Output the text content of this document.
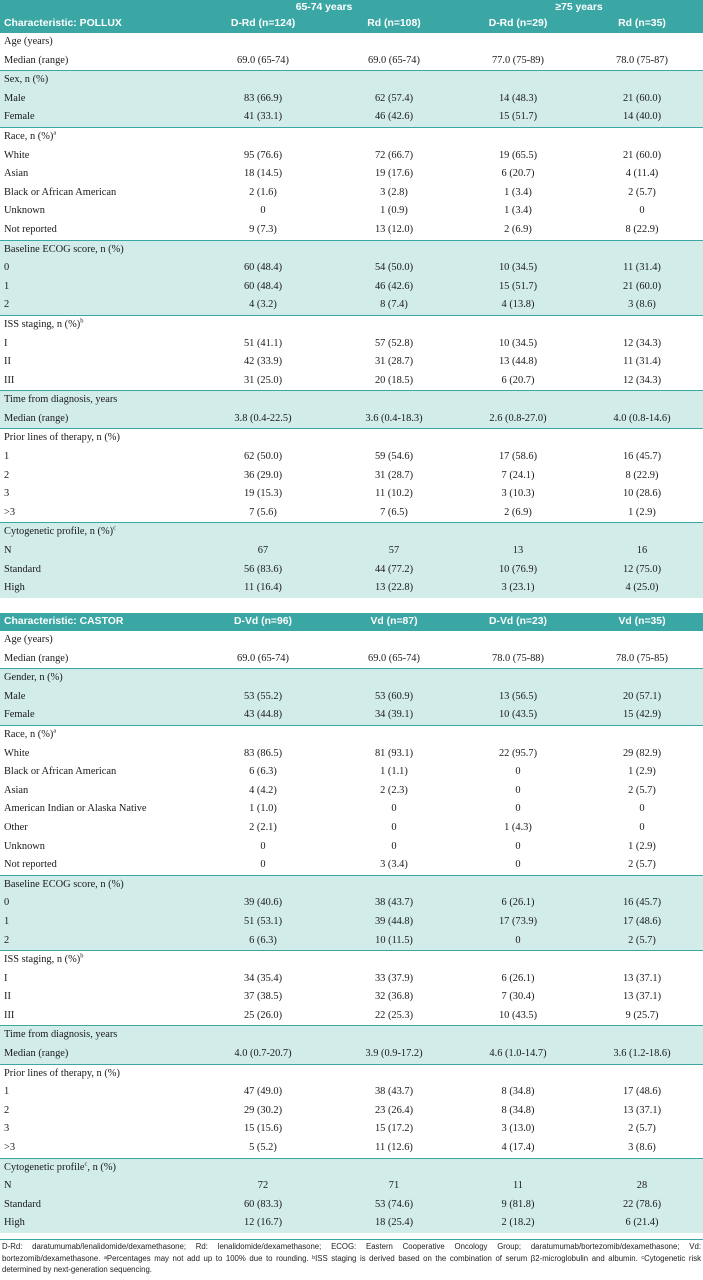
	65-74 years		≥75 years	
Characteristic: POLLUX	D-Rd (n=124)	Rd (n=108)	D-Rd (n=29)	Rd (n=35)
Age (years)				
Median (range)	69.0 (65-74)	69.0 (65-74)	77.0 (75-89)	78.0 (75-87)
Sex, n (%)				
Male	83 (66.9)	62 (57.4)	14 (48.3)	21 (60.0)
Female	41 (33.1)	46 (42.6)	15 (51.7)	14 (40.0)
Race, n (%)$^a$
White	95 (76.6)	72 (66.7)	19 (65.5)	21 (60.0)
Asian	18 (14.5)	19 (17.6)	6 (20.7)	4 (11.4)
Black or African American	2 (1.6)	3 (2.8)	1 (3.4)	2 (5.7)
Unknown	0	1 (0.9)	1 (3.4)	0
Not reported	9 (7.3)	13 (12.0)	2 (6.9)	8 (22.9)
Baseline ECOG score, n (%)				
0	60 (48.4)	54 (50.0)	10 (34.5)	11 (31.4)
1	60 (48.4)	46 (42.6)	15 (51.7)	21 (60.0)
2	4 (3.2)	8 (7.4)	4 (13.8)	3 (8.6)
ISS staging, n (%)$^b$
I	51 (41.1)	57 (52.8)	10 (34.5)	12 (34.3)
II	42 (33.9)	31 (28.7)	13 (44.8)	11 (31.4)
III	31 (25.0)	20 (18.5)	6 (20.7)	12 (34.3)
Time from diagnosis, years				
Median (range)	3.8 (0.4-22.5)	3.6 (0.4-18.3)	2.6 (0.8-27.0)	4.0 (0.8-14.6)
Prior lines of therapy, n (%)				
1	62 (50.0)	59 (54.6)	17 (58.6)	16 (45.7)
2	36 (29.0)	31 (28.7)	7 (24.1)	8 (22.9)
3	19 (15.3)	11 (10.2)	3 (10.3)	10 (28.6)
>3	7 (5.6)	7 (6.5)	2 (6.9)	1 (2.9)
Cytogenetic profile, n (%)$^c$
N	67	57	13	16
Standard	56 (83.6)	44 (77.2)	10 (76.9)	12 (75.0)
High	11 (16.4)	13 (22.8)	3 (23.1)	4 (25.0)
Characteristic: CASTOR	D-Vd (n=96)	Vd (n=87)	D-Vd (n=23)	Vd (n=35)
Age (years)				
Median (range)	69.0 (65-74)	69.0 (65-74)	78.0 (75-88)	78.0 (75-85)
Gender, n (%)				
Male	53 (55.2)	53 (60.9)	13 (56.5)	20 (57.1)
Female	43 (44.8)	34 (39.1)	10 (43.5)	15 (42.9)
Race, n (%)$^a$
White	83 (86.5)	81 (93.1)	22 (95.7)	29 (82.9)
Black or African American	6 (6.3)	1 (1.1)	0	1 (2.9)
Asian	4 (4.2)	2 (2.3)	0	2 (5.7)
American Indian or Alaska Native	1 (1.0)	0	0	0
Other	2 (2.1)	0	1 (4.3)	0
Unknown	0	0	0	1 (2.9)
Not reported	0	3 (3.4)	0	2 (5.7)
Baseline ECOG score, n (%)				
0	39 (40.6)	38 (43.7)	6 (26.1)	16 (45.7)
1	51 (53.1)	39 (44.8)	17 (73.9)	17 (48.6)
2	6 (6.3)	10 (11.5)	0	2 (5.7)
ISS staging, n (%)$^b$
I	34 (35.4)	33 (37.9)	6 (26.1)	13 (37.1)
II	37 (38.5)	32 (36.8)	7 (30.4)	13 (37.1)
III	25 (26.0)	22 (25.3)	10 (43.5)	9 (25.7)
Time from diagnosis, years				
Median (range)	4.0 (0.7-20.7)	3.9 (0.9-17.2)	4.6 (1.0-14.7)	3.6 (1.2-18.6)
Prior lines of therapy, n (%)				
1	47 (49.0)	38 (43.7)	8 (34.8)	17 (48.6)
2	29 (30.2)	23 (26.4)	8 (34.8)	13 (37.1)
3	15 (15.6)	15 (17.2)	3 (13.0)	2 (5.7)
>3	5 (5.2)	11 (12.6)	4 (17.4)	3 (8.6)
Cytogenetic profile$^c$, n (%)				
N	72	71	11	28
Standard	60 (83.3)	53 (74.6)	9 (81.8)	22 (78.6)
High	12 (16.7)	18 (25.4)	2 (18.2)	6 (21.4)
D-Rd: daratumumab/lenalidomide/dexamethasone; Rd: lenalidomide/dexamethasone; ECOG: Eastern Cooperative Oncology Group; daratumumab/bortezomib/dexamethasone; Vd: bortezomib/dexamethasone. ᵃPercentages may not add up to 100% due to rounding. ᵇISS staging is derived based on the combination of serum β2-microglobulin and albumin. ᶜCytogenetic risk determined by next-generation sequencing.
